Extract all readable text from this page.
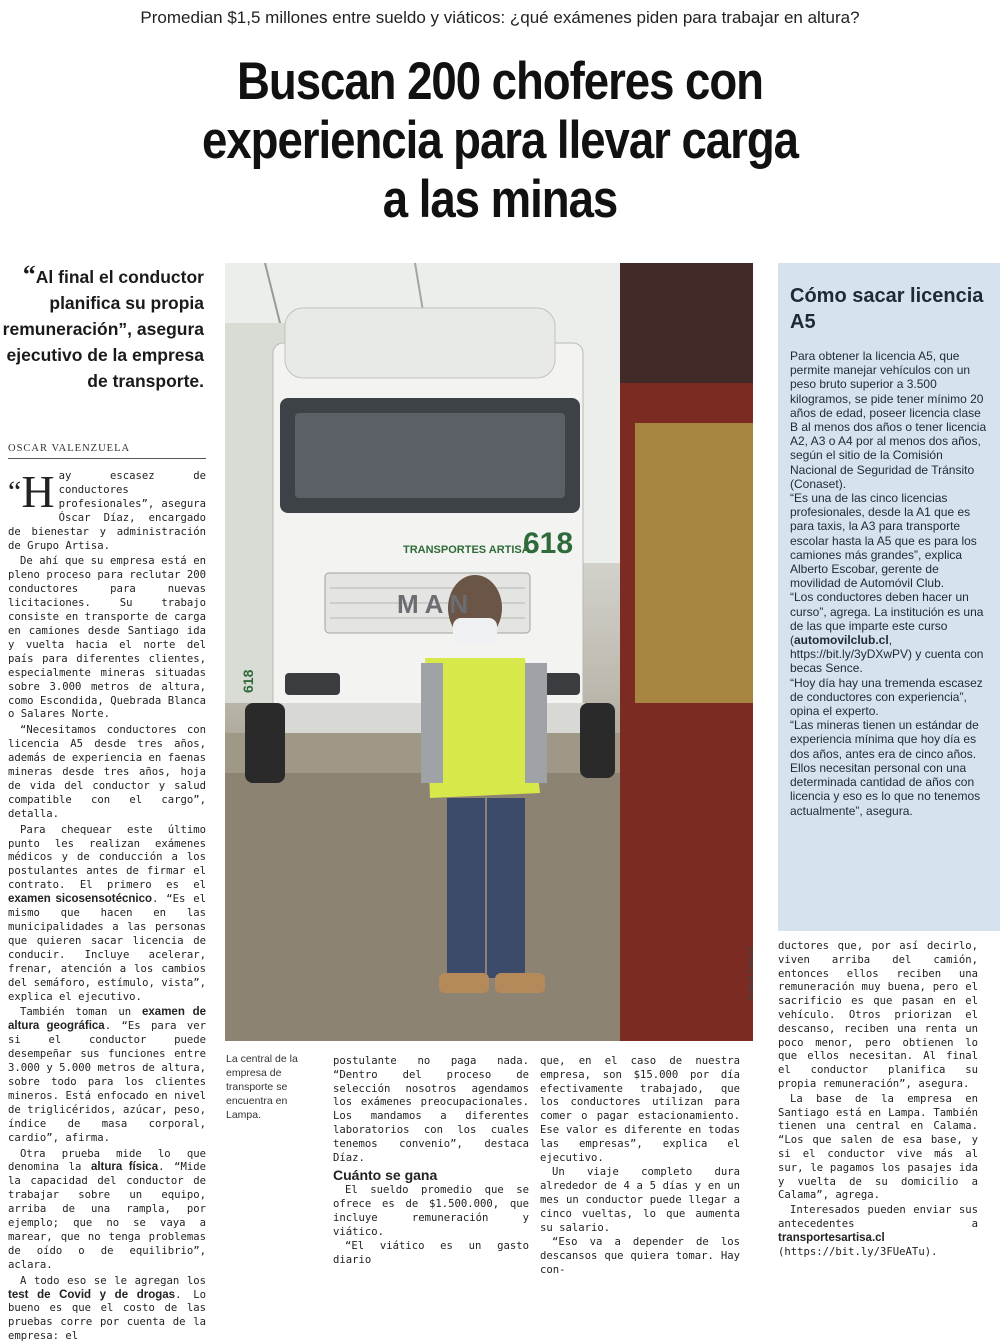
Promedian $1,5 millones entre sueldo y viáticos: ¿qué exámenes piden para trabajar en altura?
Buscan 200 choferes con
experiencia para llevar carga
a las minas
“Al final el conductor planifica su propia remuneración”, asegura ejecutivo de la empresa de transporte.
OSCAR VALENZUELA

“H ay escasez de conductores profesionales”, asegura Óscar Díaz, encargado de bienestar y administración de Grupo Artisa.

De ahí que su empresa está en pleno proceso para reclutar 200 conductores para nuevas licitaciones. Su trabajo consiste en transporte de carga en camiones desde Santiago ida y vuelta hacia el norte del país para diferentes clientes, especialmente mineras situadas sobre 3.000 metros de altura, como Escondida, Quebrada Blanca o Salares Norte.

“Necesitamos conductores con licencia A5 desde tres años, además de experiencia en faenas mineras desde tres años, hoja de vida del conductor y salud compatible con el cargo”, detalla.

Para chequear este último punto les realizan exámenes médicos y de conducción a los postulantes antes de firmar el contrato. El primero es el examen sicosensotécnico. “Es el mismo que hacen en las municipalidades a las personas que quieren sacar licencia de conducir. Incluye acelerar, frenar, atención a los cambios del semáforo, estímulo, vista”, explica el ejecutivo.

También toman un examen de altura geográfica. “Es para ver si el conductor puede desempeñar sus funciones entre 3.000 y 5.000 metros de altura, sobre todo para los clientes mineros. Está enfocado en nivel de triglicéridos, azúcar, peso, índice de masa corporal, cardio”, afirma.

Otra prueba mide lo que denomina la altura física. “Mide la capacidad del conductor de trabajar sobre un equipo, arriba de una rampla, por ejemplo; que no se vaya a marear, que no tenga problemas de oído o de equilibrio”, aclara.

A todo eso se le agregan los test de Covid y de drogas. Lo bueno es que el costo de las pruebas corre por cuenta de la empresa: el

TRANSPORTES ARTISA
618
MAN
618
RUBEN GARCIA
La central de la empresa de transporte se encuentra en Lampa.
Cómo sacar licencia A5

Para obtener la licencia A5, que permite manejar vehículos con un peso bruto superior a 3.500 kilogramos, se pide tener mínimo 20 años de edad, poseer licencia clase B al menos dos años o tener licencia A2, A3 o A4 por al menos dos años, según el sitio de la Comisión Nacional de Seguridad de Tránsito (Conaset).

“Es una de las cinco licencias profesionales, desde la A1 que es para taxis, la A3 para transporte escolar hasta la A5 que es para los camiones más grandes”, explica Alberto Escobar, gerente de movilidad de Automóvil Club.

“Los conductores deben hacer un curso”, agrega. La institución es una de las que imparte este curso (automovilclub.cl, https://bit.ly/3yDXwPV) y cuenta con becas Sence.

“Hoy día hay una tremenda escasez de conductores con experiencia”, opina el experto.

“Las mineras tienen un estándar de experiencia mínima que hoy día es dos años, antes era de cinco años. Ellos necesitan personal con una determinada cantidad de años con licencia y eso es lo que no tenemos actualmente”, asegura.

postulante no paga nada. “Dentro del proceso de selección nosotros agendamos los exámenes preocupacionales. Los mandamos a diferentes laboratorios con los cuales tenemos convenio”, destaca Díaz.

Cuánto se gana

El sueldo promedio que se ofrece es de $1.500.000, que incluye remuneración y viático.

“El viático es un gasto diario

que, en el caso de nuestra empresa, son $15.000 por día efectivamente trabajado, que los conductores utilizan para comer o pagar estacionamiento. Ese valor es diferente en todas las empresas”, explica el ejecutivo.

Un viaje completo dura alrededor de 4 a 5 días y en un mes un conductor puede llegar a cinco vueltas, lo que aumenta su salario.

“Eso va a depender de los descansos que quiera tomar. Hay con-

ductores que, por así decirlo, viven arriba del camión, entonces ellos reciben una remuneración muy buena, pero el sacrificio es que pasan en el vehículo. Otros priorizan el descanso, reciben una renta un poco menor, pero obtienen lo que ellos necesitan. Al final el conductor planifica su propia remuneración”, asegura.

La base de la empresa en Santiago está en Lampa. También tienen una central en Calama. “Los que salen de esa base, y si el conductor vive más al sur, le pagamos los pasajes ida y vuelta de su domicilio a Calama”, agrega.

Interesados pueden enviar sus antecedentes a transportesartisa.cl (https://bit.ly/3FUeATu).
